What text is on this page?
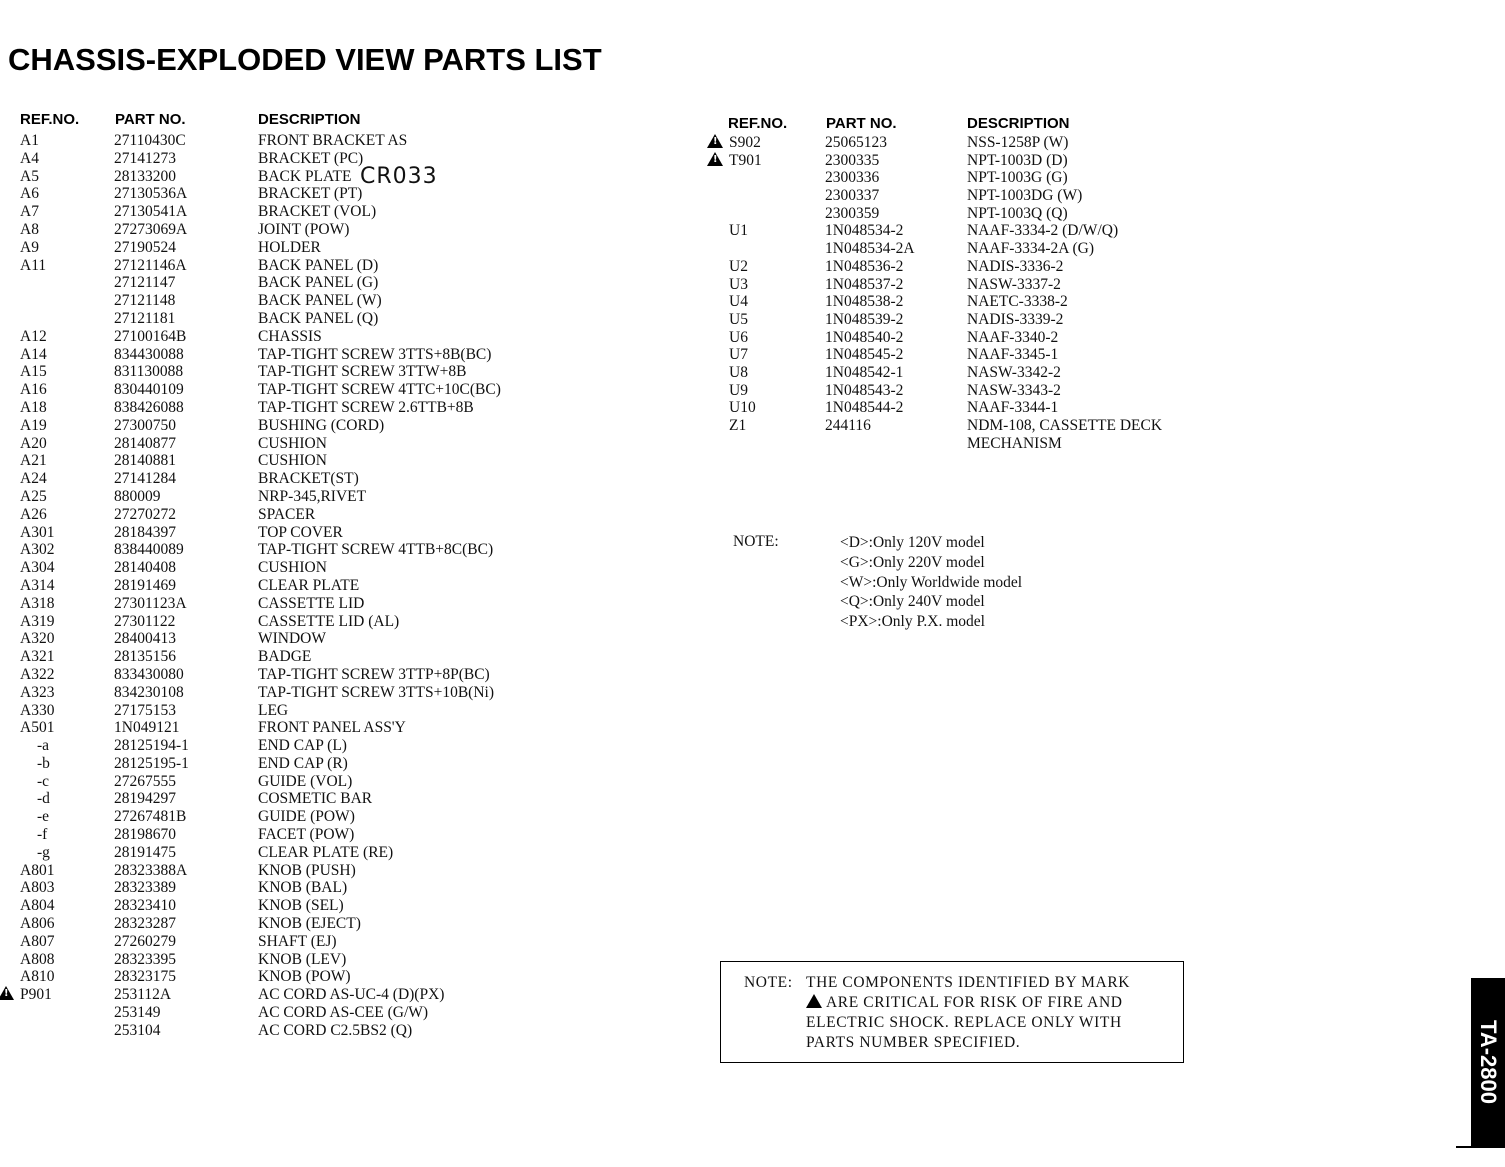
CHASSIS-EXPLODED VIEW PARTS LIST
REF.NO. PART NO.	DESCRIPTION	REF.NO.	PART NO.	DESCRIPTION
A1	27110430C	FRONT BRACKET AS
A4	27141273	BRACKET (PC)
A5	28133200	BACK PLATE
A6	27130536A	BRACKET (PT)
A7	27130541A	BRACKET (VOL)
A8	27273069A	JOINT (POW)
A9	27190524	HOLDER
A11	27121146A	BACK PANEL (D)
27121147	BACK PANEL (G)
27121148	BACK PANEL (W)
27121181	BACK PANEL (Q)
A12	27100164B	CHASSIS
A14	834430088	TAP-TIGHT SCREW 3TTS+8B(BC)
A15	831130088	TAP-TIGHT SCREW 3TTW+8B
A16	830440109	TAP-TIGHT SCREW 4TTC+10C(BC)
A18	838426088	TAP-TIGHT SCREW 2.6TTB+8B
A19	27300750	BUSHING (CORD)
A20	28140877	CUSHION
A21	28140881	CUSHION
A24	27141284	BRACKET(ST)
A25	880009	NRP-345,RIVET
A26	27270272	SPACER
A301	28184397	TOP COVER
A302	838440089	TAP-TIGHT SCREW 4TTB+8C(BC)
A304	28140408	CUSHION
A314	28191469	CLEAR PLATE
A318	27301123A	CASSETTE LID
A319	27301122	CASSETTE LID (AL)
A320	28400413	WINDOW
A321	28135156	BADGE
A322	833430080	TAP-TIGHT SCREW 3TTP+8P(BC)
A323	834230108	TAP-TIGHT SCREW 3TTS+10B(Ni)
A330	27175153	LEG
A501	1N049121	FRONT PANEL ASS'Y
-a	28125194-1	END CAP (L)
-b	28125195-1	END CAP (R)
-c	27267555	GUIDE (VOL)
-d	28194297	COSMETIC BAR
-e	27267481B	GUIDE (POW)
-f	28198670	FACET (POW)
-g	28191475	CLEAR PLATE (RE)
A801	28323388A	KNOB (PUSH)
A803	28323389	KNOB (BAL)
A804	28323410	KNOB (SEL)
A806	28323287	KNOB (EJECT)
A807	27260279	SHAFT (EJ)
A808	28323395	KNOB (LEV)
A810	28323175	KNOB (POW)
!
P901	253112A	AC CORD AS-UC-4 (D)(PX)
253149	AC CORD AS-CEE (G/W)
253104	AC CORD C2.5BS2 (Q)
!
S902	25065123	NSS-1258P (W)
!
T901	2300335	NPT-1003D (D)
2300336	NPT-1003G (G)
2300337	NPT-1003DG (W)
2300359	NPT-1003Q (Q)
U1	1N048534-2	NAAF-3334-2 (D/W/Q)
1N048534-2A	NAAF-3334-2A (G)
U2	1N048536-2	NADIS-3336-2
U3	1N048537-2	NASW-3337-2
U4	1N048538-2	NAETC-3338-2
U5	1N048539-2	NADIS-3339-2
U6	1N048540-2	NAAF-3340-2
U7	1N048545-2	NAAF-3345-1
U8	1N048542-1	NASW-3342-2
U9	1N048543-2	NASW-3343-2
U10	1N048544-2	NAAF-3344-1
Z1	244116	NDM-108, CASSETTE DECK
MECHANISM
CR033
NOTE:	<D>:Only 120V model
<G>:Only 220V model
<W>:Only Worldwide model
<Q>:Only 240V model
<PX>:Only P.X. model
NOTE: THE COMPONENTS IDENTIFIED BY MARK
ARE CRITICAL FOR RISK OF FIRE AND
ELECTRIC SHOCK. REPLACE ONLY WITH
PARTS NUMBER SPECIFIED.	TA-2800
